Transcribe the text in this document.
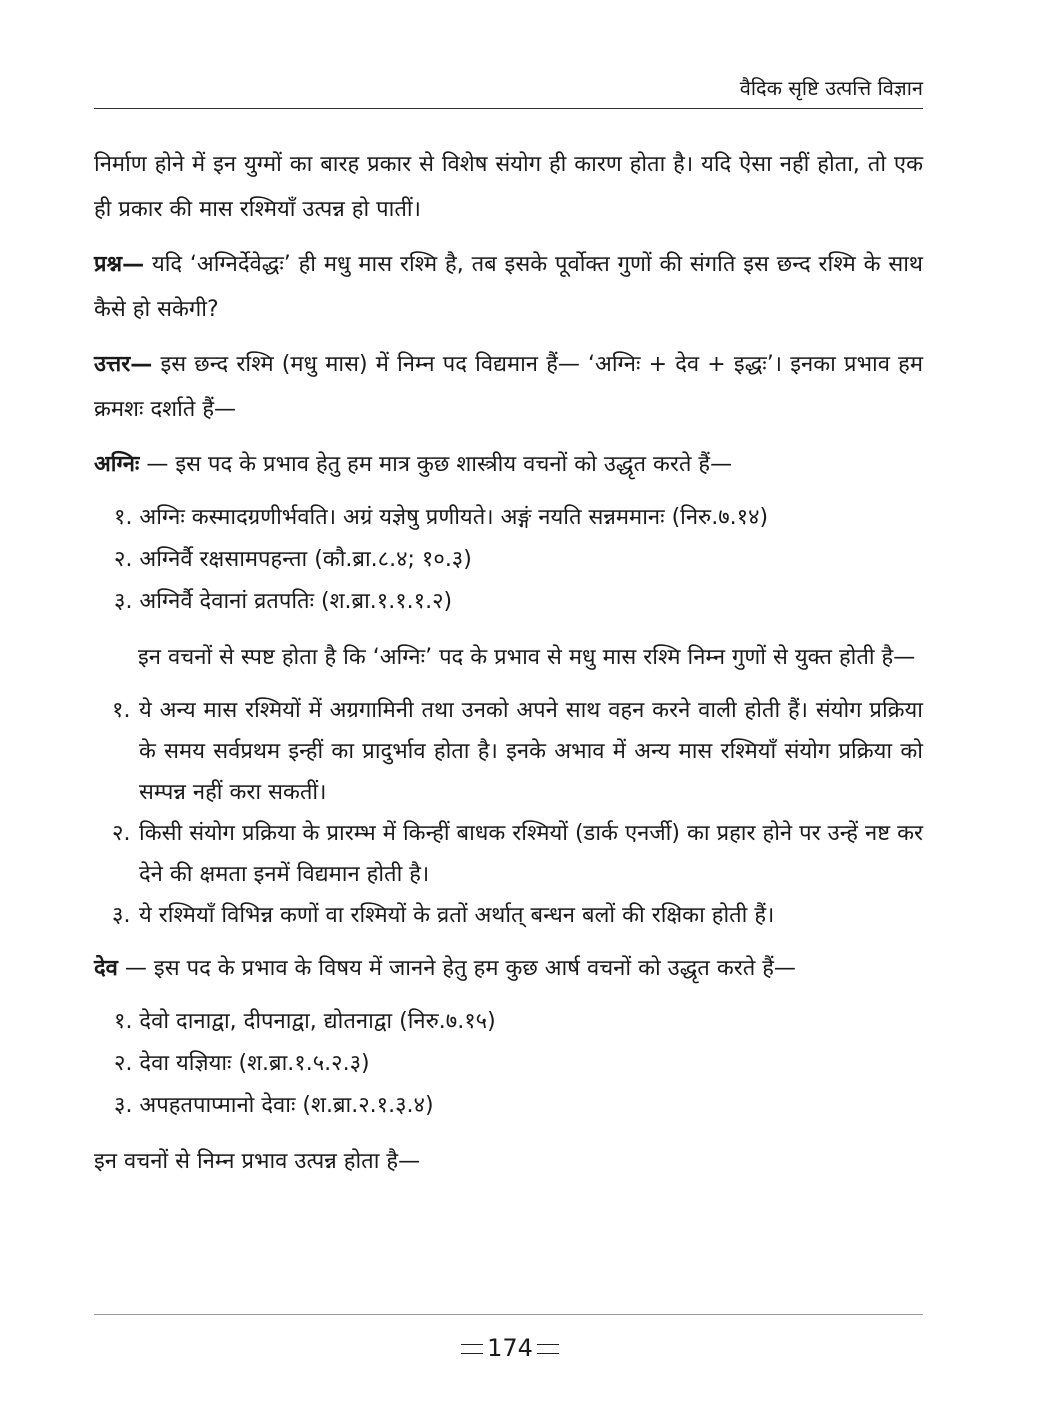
वैदिक सृष्टि उत्पत्ति विज्ञान

निर्माण होने में इन युग्मों का बारह प्रकार से विशेष संयोग ही कारण होता है। यदि ऐसा नहीं होता, तो एक ही प्रकार की मास रश्मियाँ उत्पन्न हो पातीं।

प्रश्न— यदि ‘अग्निर्देवेद्धः’ ही मधु मास रश्मि है, तब इसके पूर्वोक्त गुणों की संगति इस छन्द रश्मि के साथ कैसे हो सकेगी?

उत्तर— इस छन्द रश्मि (मधु मास) में निम्न पद विद्यमान हैं— ‘अग्निः + देव + इद्धः’। इनका प्रभाव हम क्रमशः दर्शाते हैं—

अग्निः — इस पद के प्रभाव हेतु हम मात्र कुछ शास्त्रीय वचनों को उद्धृत करते हैं—

१. अग्निः कस्मादग्रणीर्भवति। अग्रं यज्ञेषु प्रणीयते। अङ्गं नयति सन्नममानः (निरु.७.१४)
२. अग्निर्वै रक्षसामपहन्ता (कौ.ब्रा.८.४; १०.३)
३. अग्निर्वै देवानां व्रतपतिः (श.ब्रा.१.१.१.२)

इन वचनों से स्पष्ट होता है कि ‘अग्निः’ पद के प्रभाव से मधु मास रश्मि निम्न गुणों से युक्त होती है—

१. ये अन्य मास रश्मियों में अग्रगामिनी तथा उनको अपने साथ वहन करने वाली होती हैं। संयोग प्रक्रिया के समय सर्वप्रथम इन्हीं का प्रादुर्भाव होता है। इनके अभाव में अन्य मास रश्मियाँ संयोग प्रक्रिया को सम्पन्न नहीं करा सकतीं।
२. किसी संयोग प्रक्रिया के प्रारम्भ में किन्हीं बाधक रश्मियों (डार्क एनर्जी) का प्रहार होने पर उन्हें नष्ट कर देने की क्षमता इनमें विद्यमान होती है।
३. ये रश्मियाँ विभिन्न कणों वा रश्मियों के व्रतों अर्थात् बन्धन बलों की रक्षिका होती हैं।

देव — इस पद के प्रभाव के विषय में जानने हेतु हम कुछ आर्ष वचनों को उद्धृत करते हैं—

१. देवो दानाद्वा, दीपनाद्वा, द्योतनाद्वा (निरु.७.१५)
२. देवा यज्ञियाः (श.ब्रा.१.५.२.३)
३. अपहतपाप्मानो देवाः (श.ब्रा.२.१.३.४)

इन वचनों से निम्न प्रभाव उत्पन्न होता है—

174
